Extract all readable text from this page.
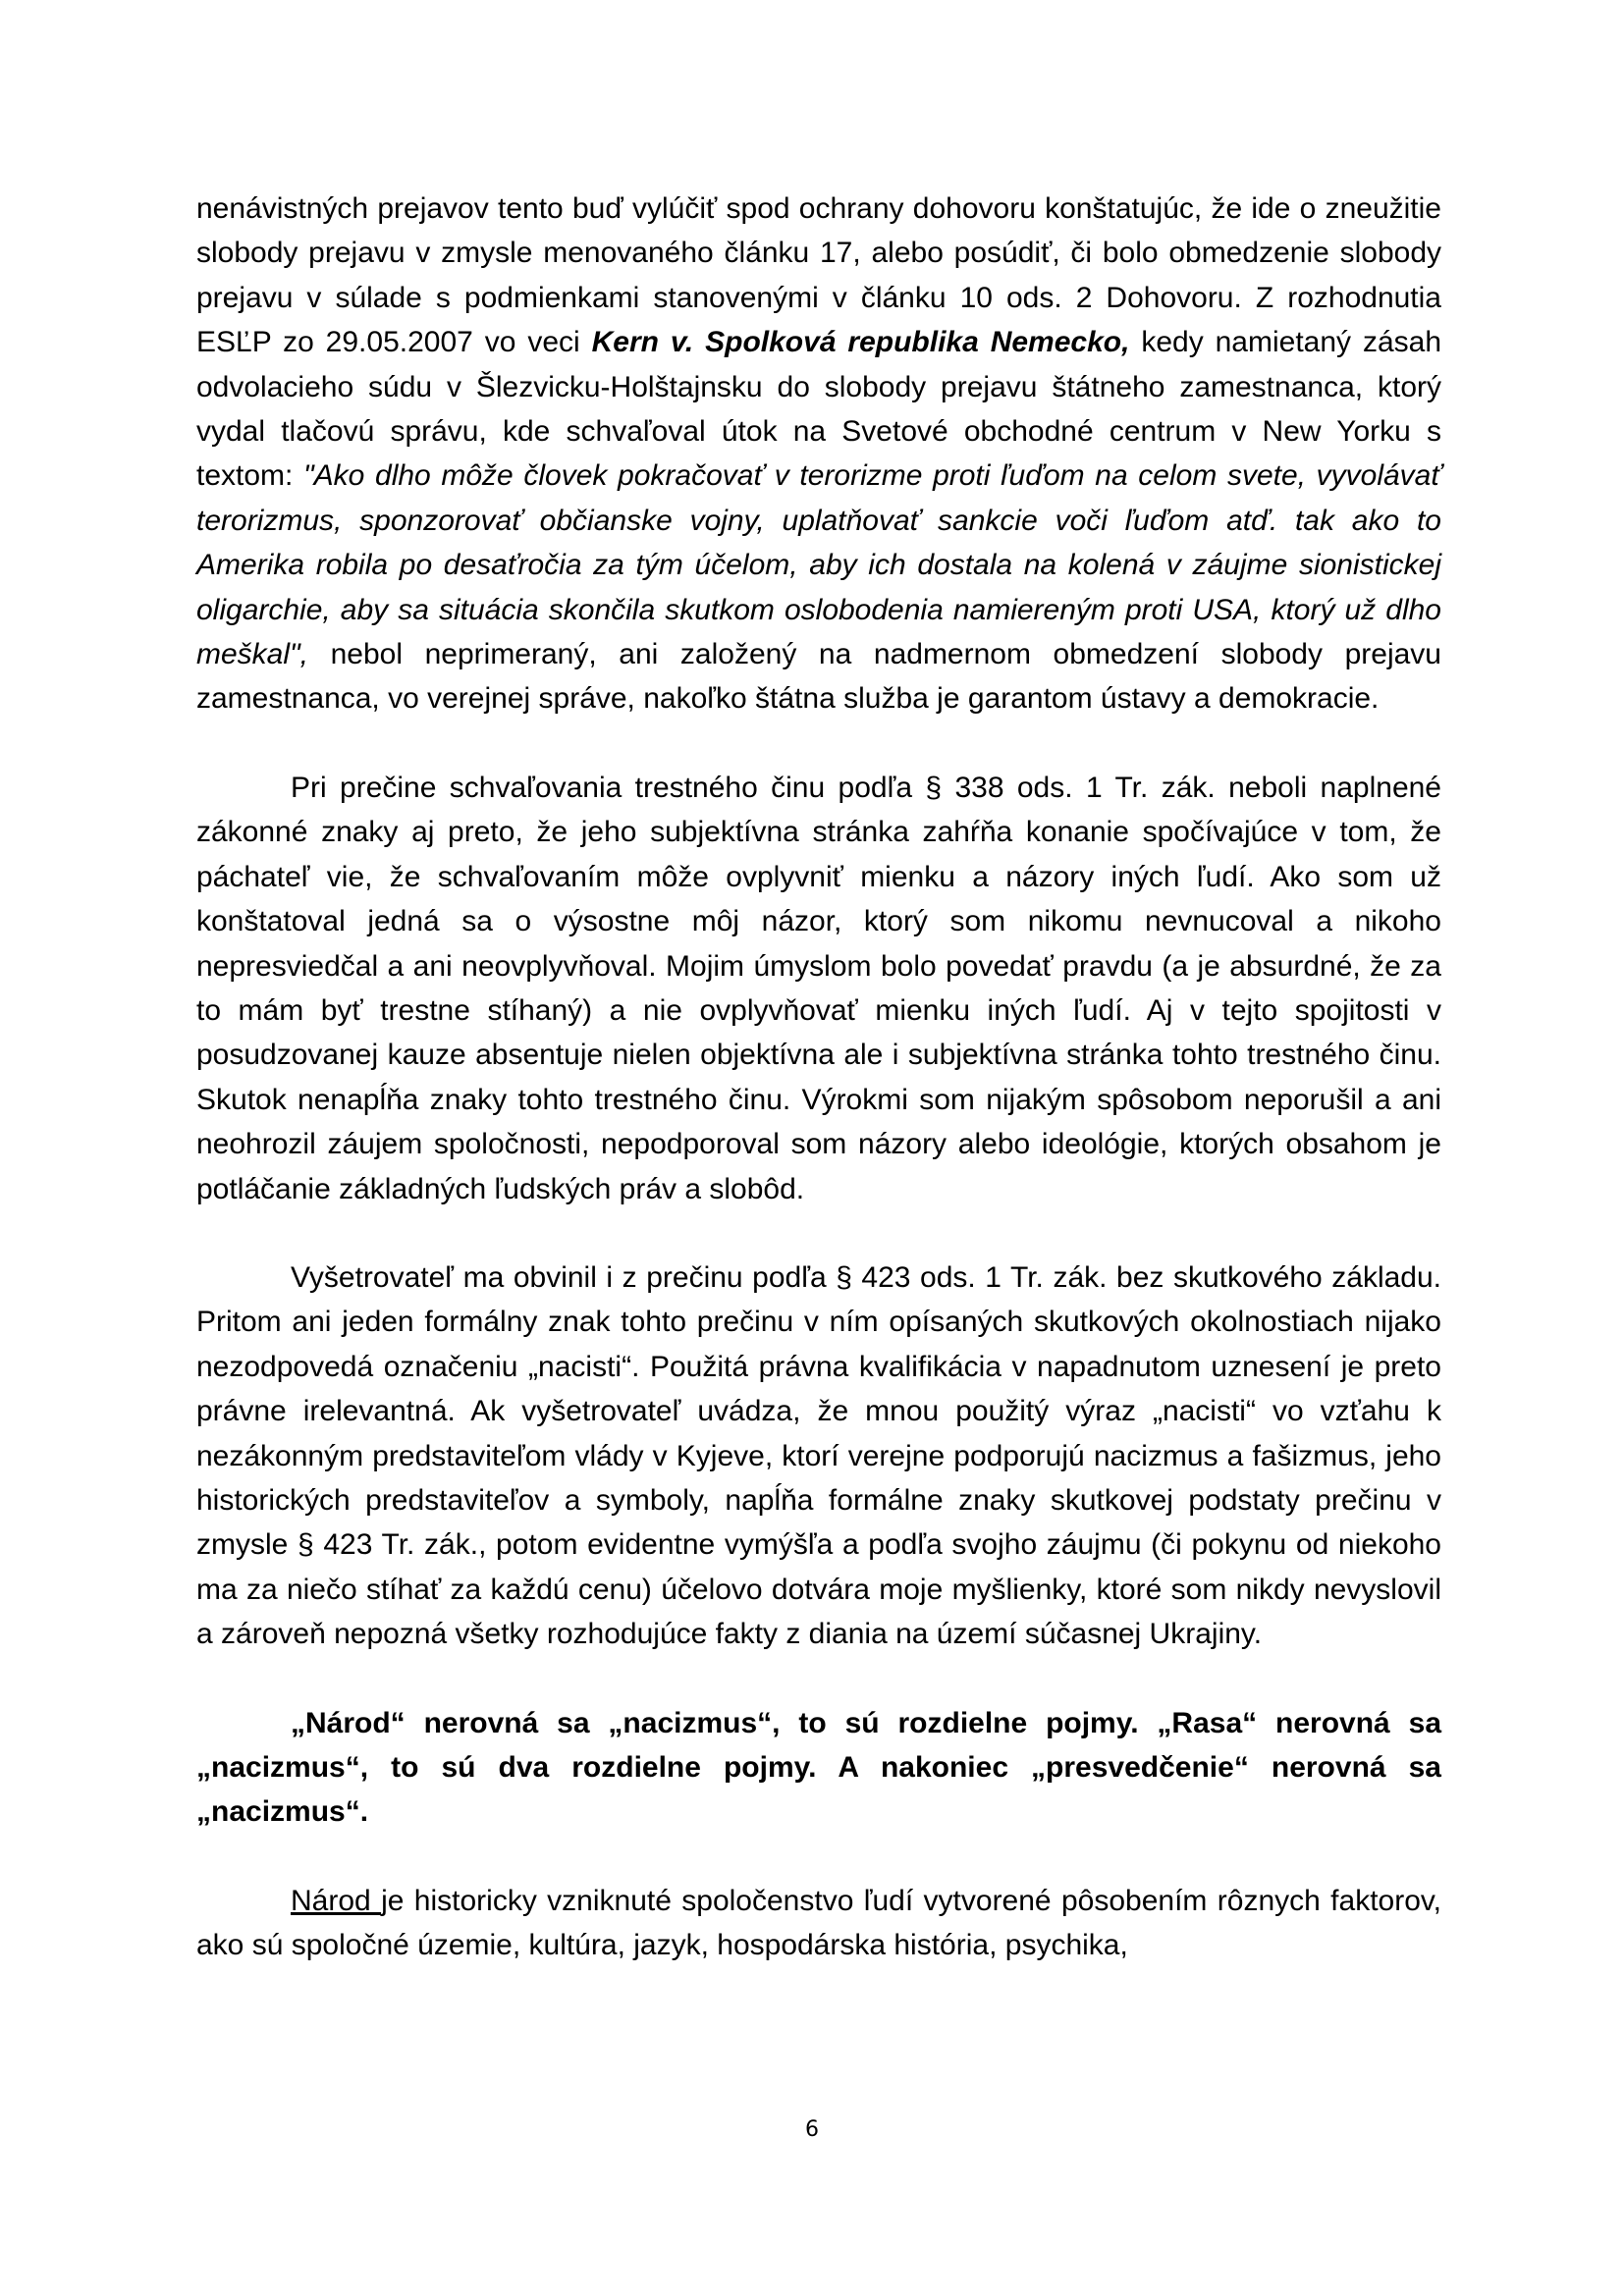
nenávistných prejavov tento buď vylúčiť spod ochrany dohovoru konštatujúc, že ide o zneužitie slobody prejavu v zmysle menovaného článku 17, alebo posúdiť, či bolo obmedzenie slobody prejavu v súlade s podmienkami stanovenými v článku 10 ods. 2 Dohovoru. Z rozhodnutia ESĽP zo 29.05.2007 vo veci Kern v. Spolková republika Nemecko, kedy namietaný zásah odvolacieho súdu v Šlezvicku-Holštajnsku do slobody prejavu štátneho zamestnanca, ktorý vydal tlačovú správu, kde schvaľoval útok na Svetové obchodné centrum v New Yorku s textom: "Ako dlho môže človek pokračovať v terorizme proti ľuďom na celom svete, vyvolávať terorizmus, sponzorovať občianske vojny, uplatňovať sankcie voči ľuďom atď. tak ako to Amerika robila po desaťročia za tým účelom, aby ich dostala na kolená v záujme sionistickej oligarchie, aby sa situácia skončila skutkom oslobodenia namiereným proti USA, ktorý už dlho meškal", nebol neprimeraný, ani založený na nadmernom obmedzení slobody prejavu zamestnanca, vo verejnej správe, nakoľko štátna služba je garantom ústavy a demokracie.

Pri prečine schvaľovania trestného činu podľa § 338 ods. 1 Tr. zák. neboli naplnené zákonné znaky aj preto, že jeho subjektívna stránka zahŕňa konanie spočívajúce v tom, že páchateľ vie, že schvaľovaním môže ovplyvniť mienku a názory iných ľudí. Ako som už konštatoval jedná sa o výsostne môj názor, ktorý som nikomu nevnucoval a nikoho nepresviedčal a ani neovplyvňoval. Mojim úmyslom bolo povedať pravdu (a je absurdné, že za to mám byť trestne stíhaný) a nie ovplyvňovať mienku iných ľudí. Aj v tejto spojitosti v posudzovanej kauze absentuje nielen objektívna ale i subjektívna stránka tohto trestného činu. Skutok nenapĺňa znaky tohto trestného činu. Výrokmi som nijakým spôsobom neporušil a ani neohrozil záujem spoločnosti, nepodporoval som názory alebo ideológie, ktorých obsahom je potláčanie základných ľudských práv a slobôd.

Vyšetrovateľ ma obvinil i z prečinu podľa § 423 ods. 1 Tr. zák. bez skutkového základu. Pritom ani jeden formálny znak tohto prečinu v ním opísaných skutkových okolnostiach nijako nezodpovedá označeniu „nacisti“. Použitá právna kvalifikácia v napadnutom uznesení je preto právne irelevantná. Ak vyšetrovateľ uvádza, že mnou použitý výraz „nacisti“ vo vzťahu k nezákonným predstaviteľom vlády v Kyjeve, ktorí verejne podporujú nacizmus a fašizmus, jeho historických predstaviteľov a symboly, napĺňa formálne znaky skutkovej podstaty prečinu v zmysle § 423 Tr. zák., potom evidentne vymýšľa a podľa svojho záujmu (či pokynu od niekoho ma za niečo stíhať za každú cenu) účelovo dotvára moje myšlienky, ktoré som nikdy nevyslovil a zároveň nepozná všetky rozhodujúce fakty z diania na území súčasnej Ukrajiny.

„Národ“ nerovná sa „nacizmus“, to sú rozdielne pojmy. „Rasa“ nerovná sa „nacizmus“, to sú dva rozdielne pojmy. A nakoniec „presvedčenie“ nerovná sa „nacizmus“.

Národ je historicky vzniknuté spoločenstvo ľudí vytvorené pôsobením rôznych faktorov, ako sú spoločné územie, kultúra, jazyk, hospodárska história, psychika,

6
